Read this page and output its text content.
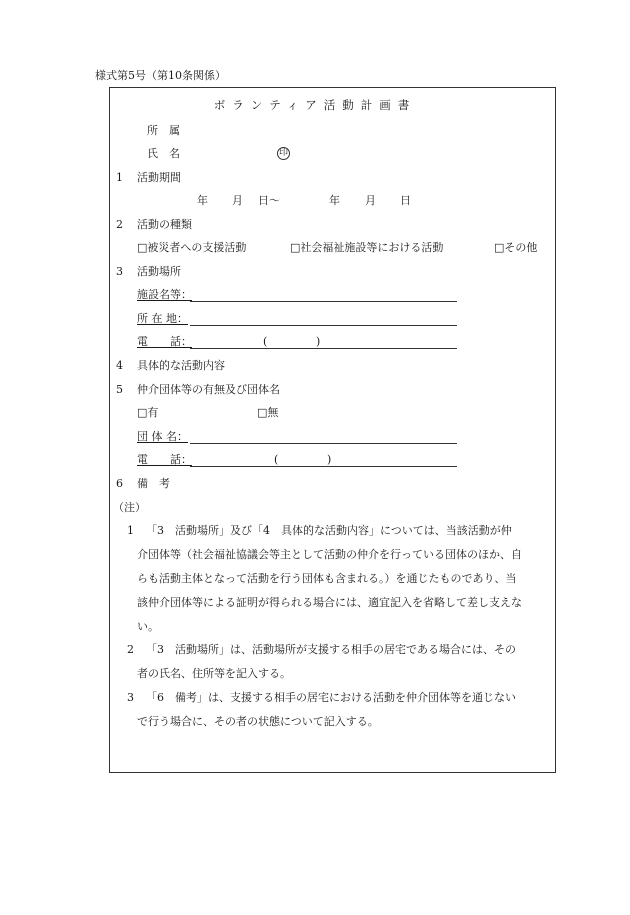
様式第5号（第10条関係）
ボランティア活動計画書
所　属
氏　名	印
1 活動期間
年 月 日〜	年 月 日
2 活動の種類
□被災者への支援活動	□社会福祉施設等における活動	□その他
3 活動場所
施設名等：
所 在 地：
電　　話：	(	)
4 具体的な活動内容
5 仲介団体等の有無及び団体名
□有	□無
団 体 名：
電　　話：	(	)
6 備　考
（注）
1 「3　活動場所」及び「4　具体的な活動内容」については、当該活動が仲
介団体等（社会福祉協議会等主として活動の仲介を行っている団体のほか、自
らも活動主体となって活動を行う団体も含まれる。）を通じたものであり、当
該仲介団体等による証明が得られる場合には、適宜記入を省略して差し支えな
い。
2 「3　活動場所」は、活動場所が支援する相手の居宅である場合には、その
者の氏名、住所等を記入する。
3 「6　備考」は、支援する相手の居宅における活動を仲介団体等を通じない
で行う場合に、その者の状態について記入する。
